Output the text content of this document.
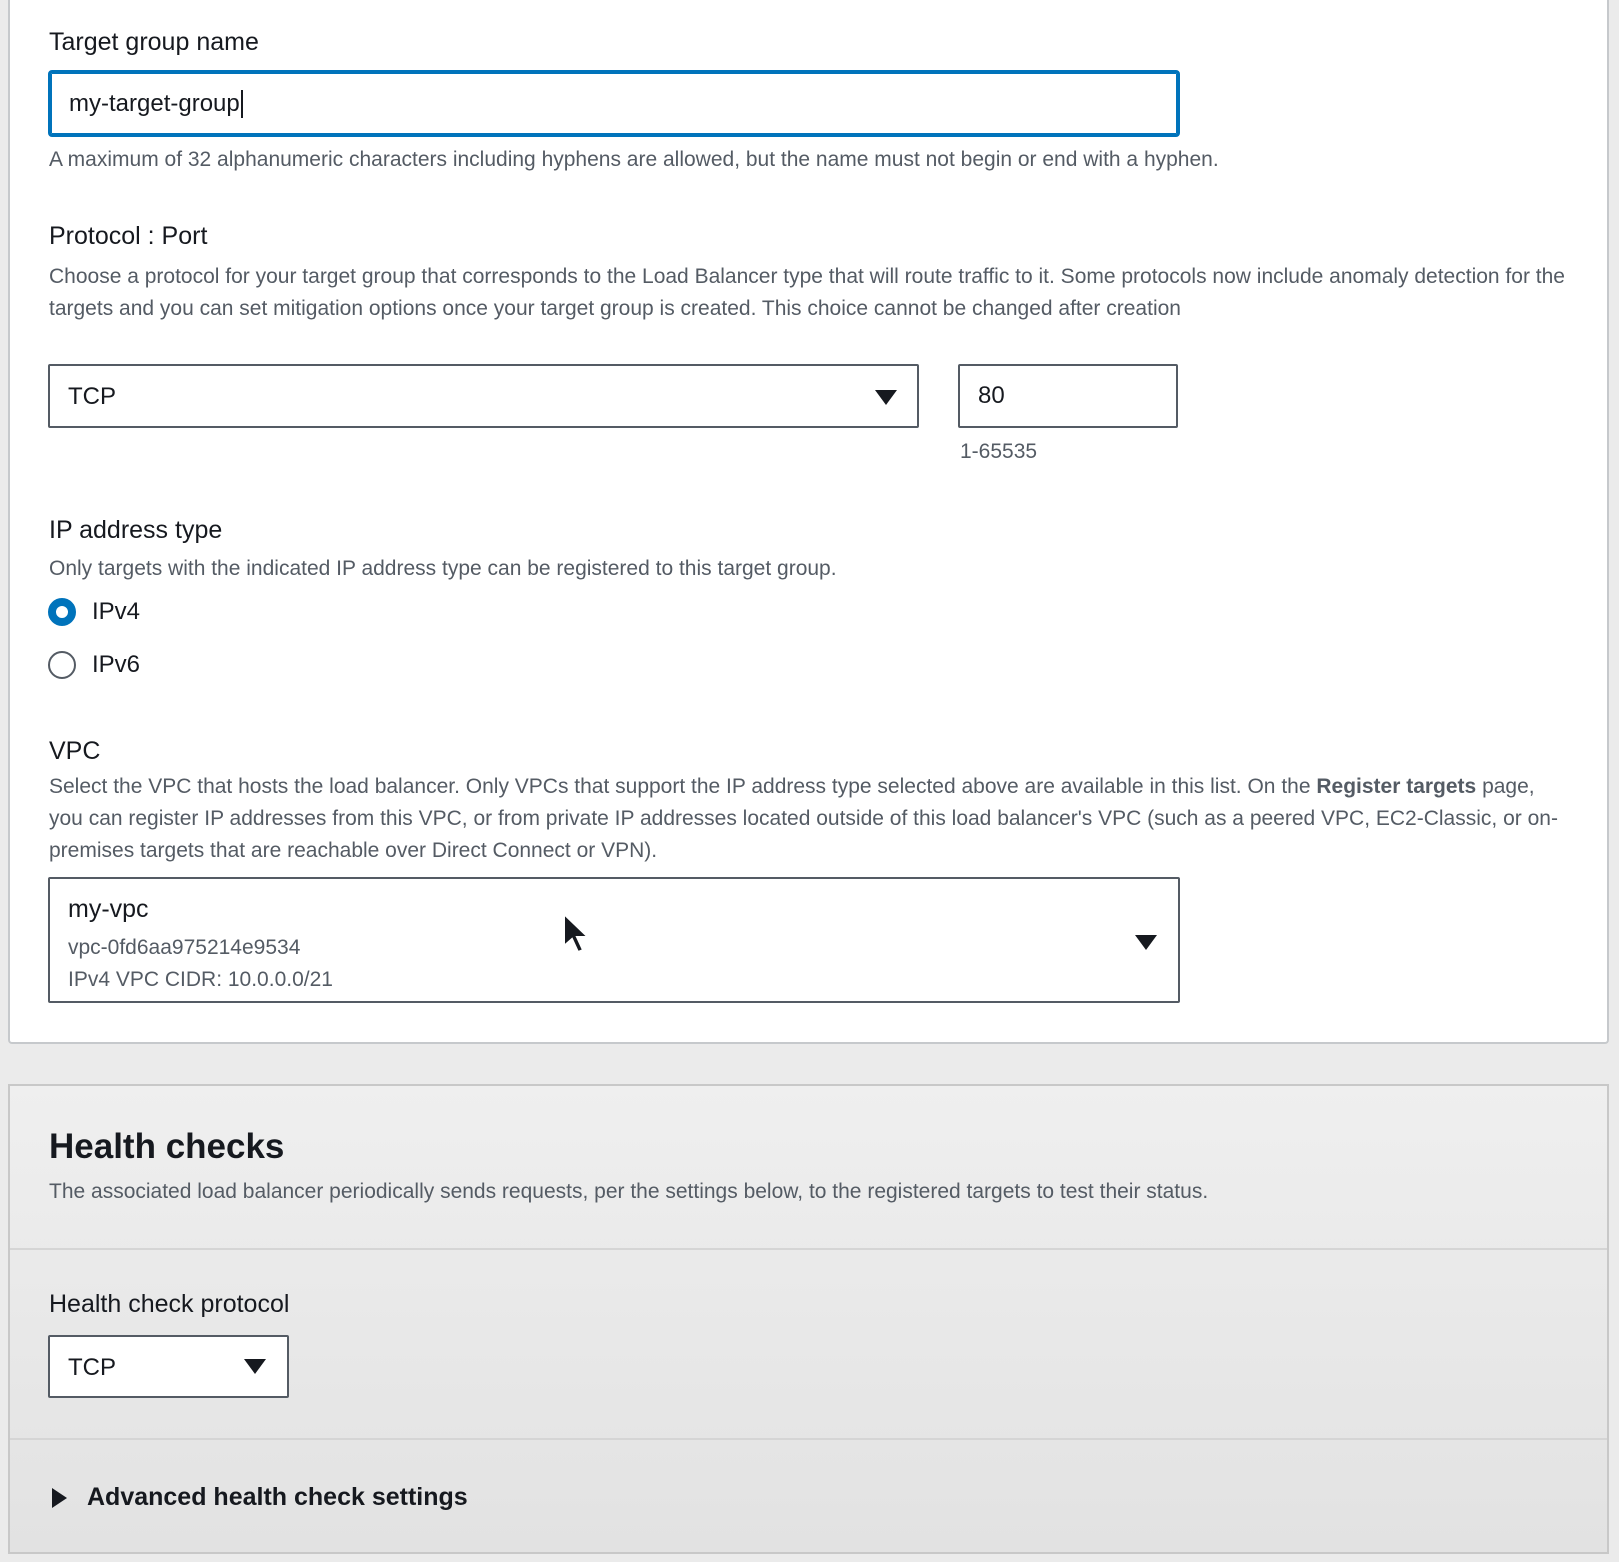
Target group name
my-target-group
A maximum of 32 alphanumeric characters including hyphens are allowed, but the name must not begin or end with a hyphen.
Protocol : Port
Choose a protocol for your target group that corresponds to the Load Balancer type that will route traffic to it. Some protocols now include anomaly detection for the targets and you can set mitigation options once your target group is created. This choice cannot be changed after creation
TCP	80
1-65535
IP address type
Only targets with the indicated IP address type can be registered to this target group.
IPv4
IPv6
VPC
Select the VPC that hosts the load balancer. Only VPCs that support the IP address type selected above are available in this list. On the Register targets page, you can register IP addresses from this VPC, or from private IP addresses located outside of this load balancer's VPC (such as a peered VPC, EC2-Classic, or on-premises targets that are reachable over Direct Connect or VPN).
my-vpc
vpc-0fd6aa975214e9534
IPv4 VPC CIDR: 10.0.0.0/21
Health checks
The associated load balancer periodically sends requests, per the settings below, to the registered targets to test their status.
Health check protocol
TCP
Advanced health check settings
